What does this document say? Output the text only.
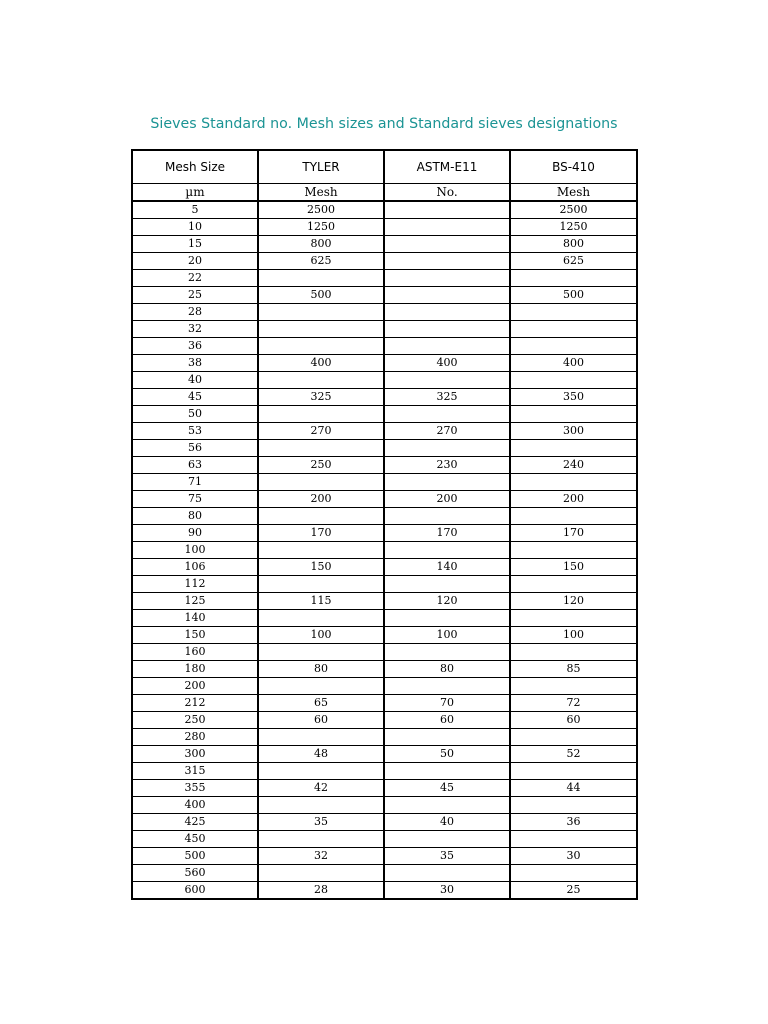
Sieves Standard no. Mesh sizes and Standard sieves designations
Mesh Size	TYLER	ASTM-E11	BS-410
µm	Mesh	No.	Mesh
5	2500		2500
10	1250		1250
15	800		800
20	625		625
22			
25	500		500
28			
32			
36			
38	400	400	400
40			
45	325	325	350
50			
53	270	270	300
56			
63	250	230	240
71			
75	200	200	200
80			
90	170	170	170
100			
106	150	140	150
112			
125	115	120	120
140			
150	100	100	100
160			
180	80	80	85
200			
212	65	70	72
250	60	60	60
280			
300	48	50	52
315			
355	42	45	44
400			
425	35	40	36
450			
500	32	35	30
560			
600	28	30	25
